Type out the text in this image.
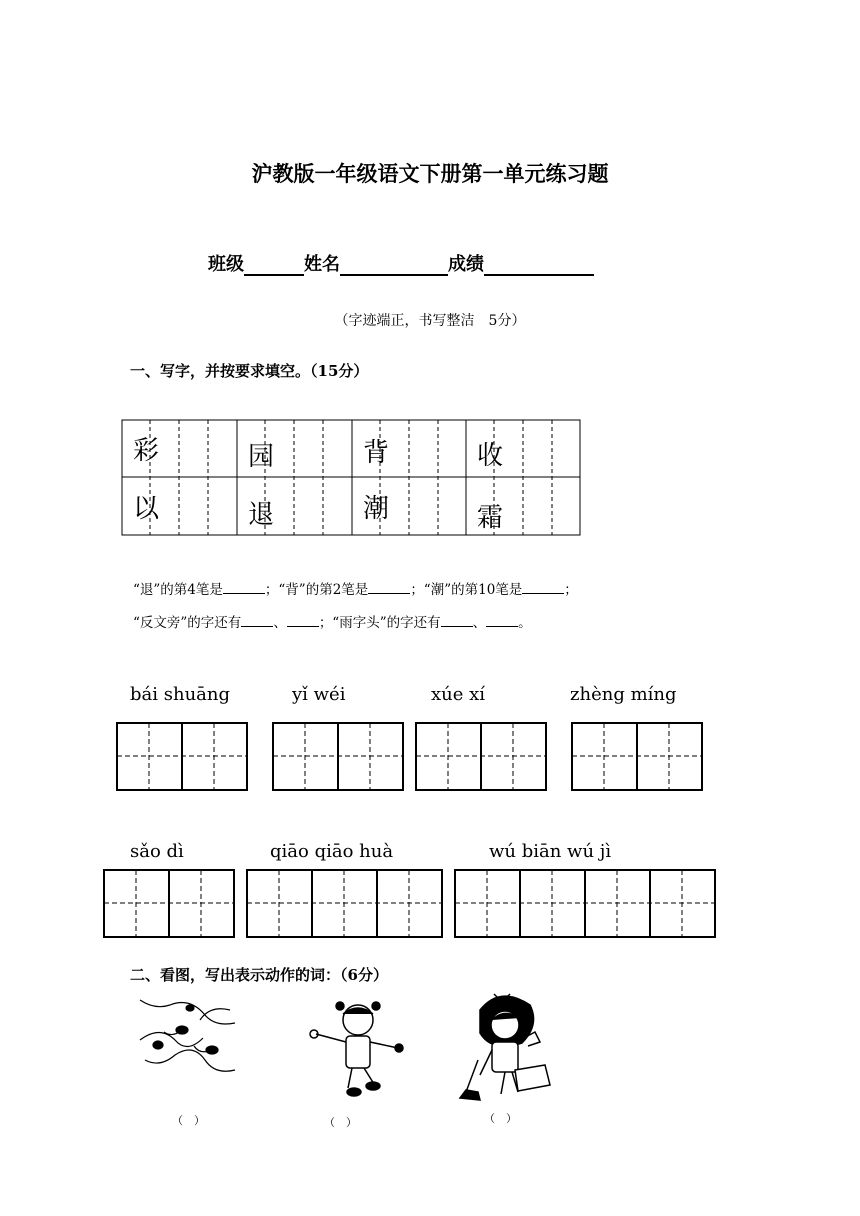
沪教版一年级语文下册第一单元练习题
班级	姓名	成绩
（字迹端正，书写整洁　5分）
一、写字，并按要求填空。（15分）
彩	园	背	收
以	退	潮	霜
“退”的第4笔是	；“背”的第2笔是	；“潮”的第10笔是	；
“反文旁”的字还有 、 ；“雨字头”的字还有 、 。
bái shuāng	yǐ wéi	xúe xí	zhèng míng
sǎo dì	qiāo qiāo huà	wú biān wú jì
二、看图，写出表示动作的词：（6分）
（　）	（　）	（　）
